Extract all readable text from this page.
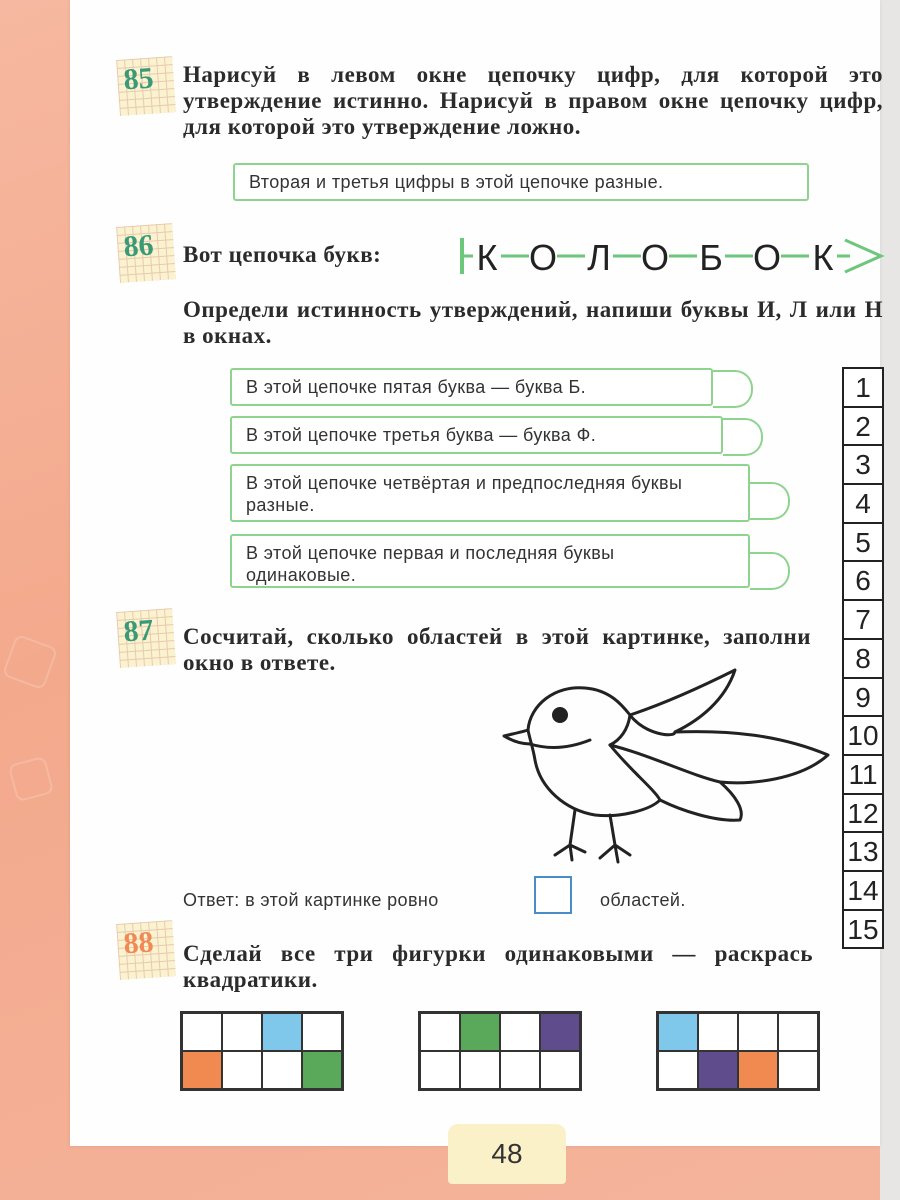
85 Нарисуй в левом окне цепочку цифр, для которой это утверждение истинно. Нарисуй в правом окне цепочку цифр, для которой это утверждение ложно.
Вторая и третья цифры в этой цепочке разные.
86 Вот цепочка букв:
Определи истинность утверждений, напиши буквы И, Л или Н в окнах.
В этой цепочке пятая буква — буква Б.
В этой цепочке третья буква — буква Ф.
В этой цепочке четвёртая и предпоследняя буквы разные.
В этой цепочке первая и последняя буквы одинаковые.
87 Сосчитай, сколько областей в этой картинке, заполни окно в ответе.
Ответ: в этой картинке ровно	областей.
88 Сделай все три фигурки одинаковыми — раскрась квадратики.
48
К О Л О Б О К
1
2
3
4
5
6
7
8
9
10
11
12
13
14
15
